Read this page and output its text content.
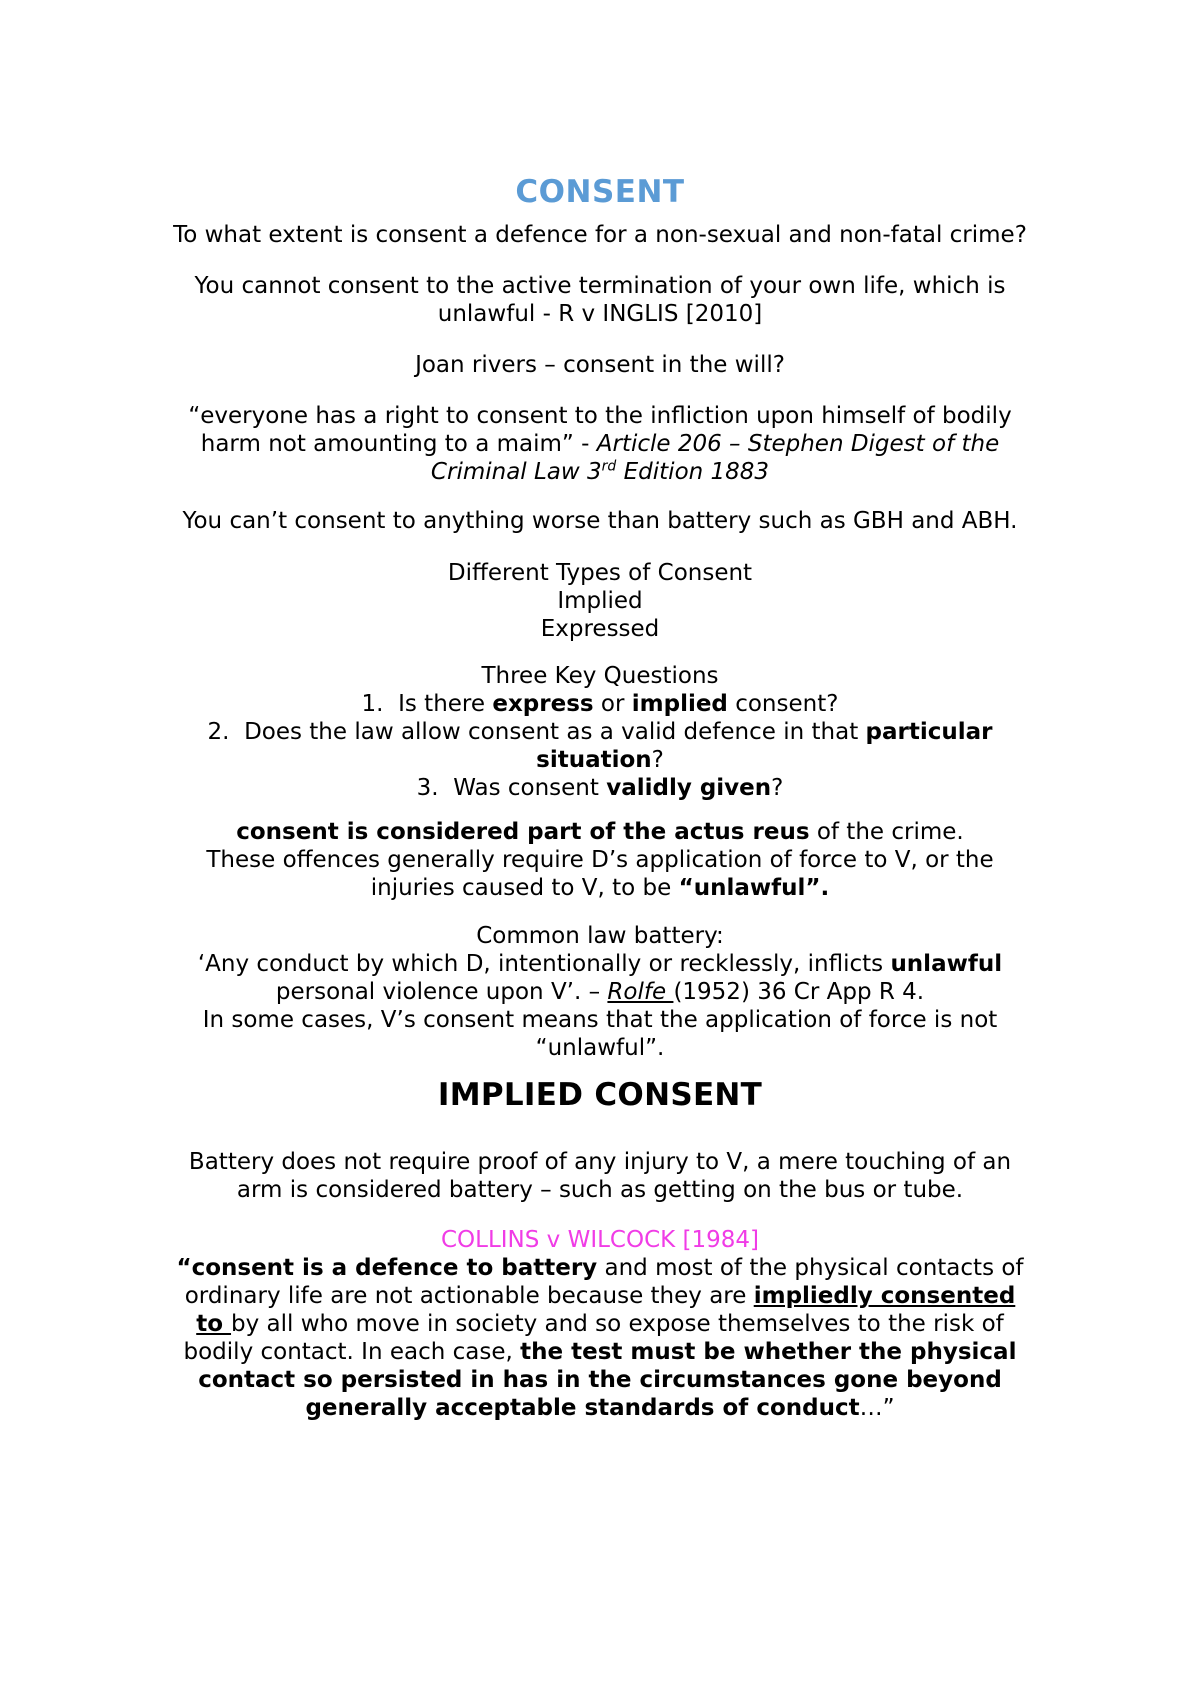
CONSENT

To what extent is consent a defence for a non-sexual and non-fatal crime?

You cannot consent to the active termination of your own life, which is

unlawful - R v INGLIS [2010]

Joan rivers – consent in the will?

“everyone has a right to consent to the infliction upon himself of bodily

harm not amounting to a maim” - Article 206 – Stephen Digest of the

Criminal Law 3rd Edition 1883

You can’t consent to anything worse than battery such as GBH and ABH.

Different Types of Consent

Implied

Expressed

Three Key Questions

1. Is there express or implied consent?
2. Does the law allow consent as a valid defence in that particular
situation?
3. Was consent validly given?

consent is considered part of the actus reus of the crime.

These offences generally require D’s application of force to V, or the

injuries caused to V, to be “unlawful”.

Common law battery:

‘Any conduct by which D, intentionally or recklessly, inflicts unlawful

personal violence upon V’. – Rolfe (1952) 36 Cr App R 4.

In some cases, V’s consent means that the application of force is not

“unlawful”.

IMPLIED CONSENT

Battery does not require proof of any injury to V, a mere touching of an

arm is considered battery – such as getting on the bus or tube.

COLLINS v WILCOCK [1984]

“consent is a defence to battery and most of the physical contacts of

ordinary life are not actionable because they are impliedly consented

to by all who move in society and so expose themselves to the risk of

bodily contact. In each case, the test must be whether the physical

contact so persisted in has in the circumstances gone beyond

generally acceptable standards of conduct…”
